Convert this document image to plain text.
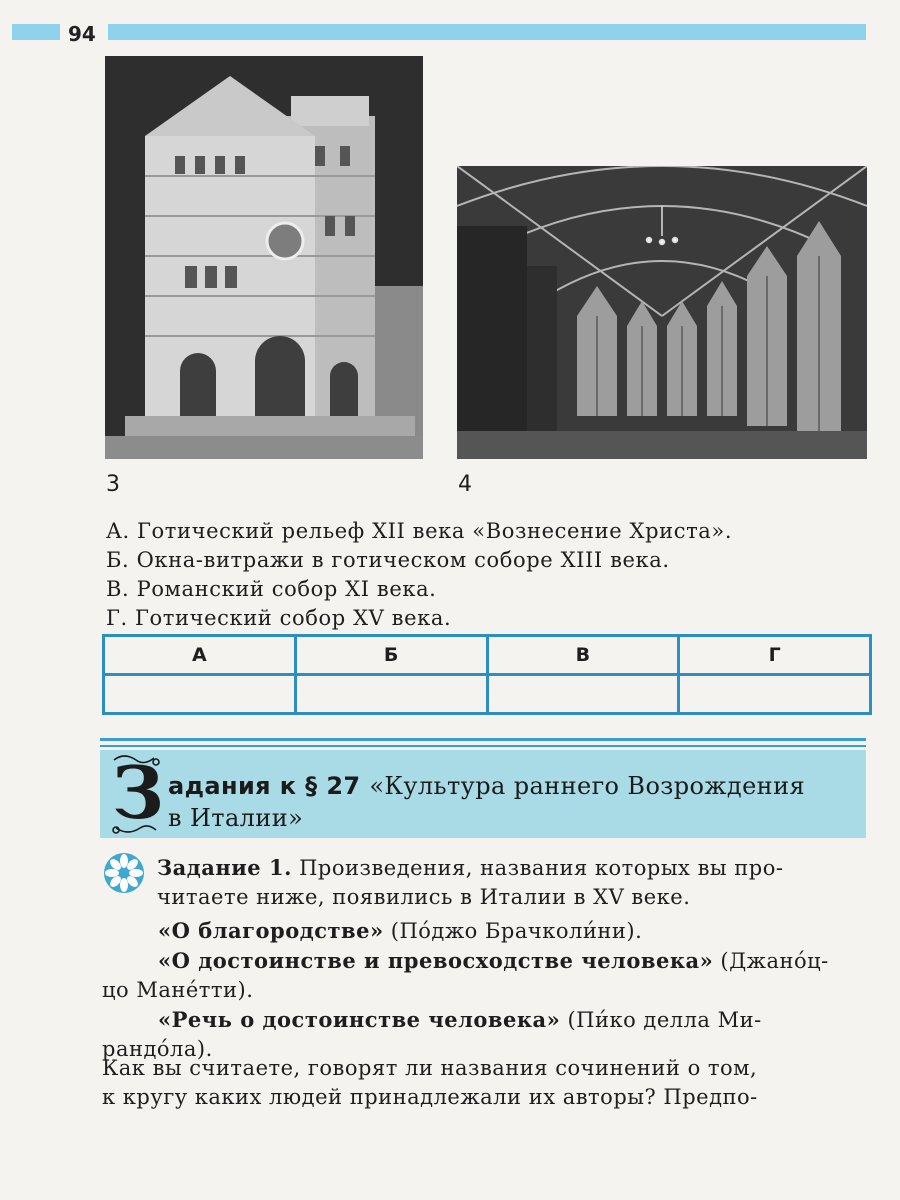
94
3	4
А. Готический рельеф XII века «Вознесение Христа».
Б. Окна-витражи в готическом соборе XIII века.
В. Романский собор XI века.
Г. Готический собор XV века.
А	Б	В	Г

З адания к § 27 «Культура раннего Возрождения
в Италии»
Задание 1. Произведения, названия которых вы про-
читаете ниже, появились в Италии в XV веке.
«О благородстве» (По́джо Брачколи́ни).
«О достоинстве и превосходстве человека» (Джано́ц-
цо Мане́тти).
«Речь о достоинстве человека» (Пи́ко делла Ми-
рандо́ла).
Как вы считаете, говорят ли названия сочинений о том,
к кругу каких людей принадлежали их авторы? Предпо-
